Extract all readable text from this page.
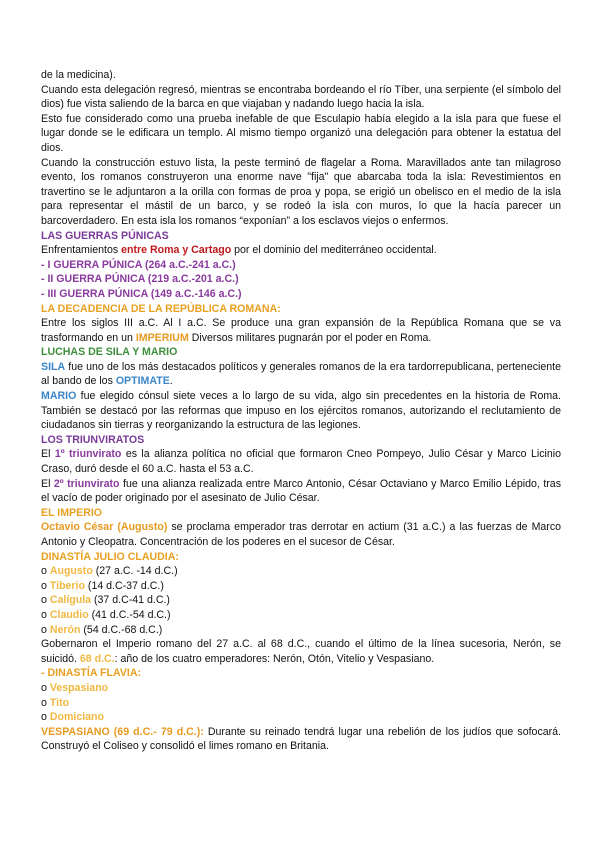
de la medicina).

Cuando esta delegación regresó, mientras se encontraba bordeando el río Tíber, una serpiente (el símbolo del dios) fue vista saliendo de la barca en que viajaban y nadando luego hacia la isla.

Esto fue considerado como una prueba inefable de que Esculapio había elegido a la isla para que fuese el lugar donde se le edificara un templo. Al mismo tiempo organizó una delegación para obtener la estatua del dios.

Cuando la construcción estuvo lista, la peste terminó de flagelar a Roma. Maravillados ante tan milagroso evento, los romanos construyeron una enorme nave "fija" que abarcaba toda la isla: Revestimientos en travertino se le adjuntaron a la orilla con formas de proa y popa, se erigió un obelisco en el medio de la isla para representar el mástil de un barco, y se rodeó la isla con muros, lo que la hacía parecer un barcoverdadero. En esta isla los romanos “exponían” a los esclavos viejos o enfermos.

LAS GUERRAS PÚNICAS

Enfrentamientos entre Roma y Cartago por el dominio del mediterráneo occidental.

- I GUERRA PÚNICA (264 a.C.-241 a.C.)

- II GUERRA PÚNICA (219 a.C.-201 a.C.)

- III GUERRA PÚNICA (149 a.C.-146 a.C.)

LA DECADENCIA DE LA REPÚBLICA ROMANA:

Entre los siglos III a.C. Al I a.C. Se produce una gran expansión de la República Romana que se va trasformando en un IMPERIUM Diversos militares pugnarán por el poder en Roma.

LUCHAS DE SILA Y MARIO

SILA fue uno de los más destacados políticos y generales romanos de la era tardorrepublicana, perteneciente al bando de los OPTIMATE.

MARIO fue elegido cónsul siete veces a lo largo de su vida, algo sin precedentes en la historia de Roma. También se destacó por las reformas que impuso en los ejércitos romanos, autorizando el reclutamiento de ciudadanos sin tierras y reorganizando la estructura de las legiones.

LOS TRIUNVIRATOS

El 1º triunvirato es la alianza política no oficial que formaron Cneo Pompeyo, Julio César y Marco Licinio Craso, duró desde el 60 a.C. hasta el 53 a.C.

El 2º triunvirato fue una alianza realizada entre Marco Antonio, César Octaviano y Marco Emilio Lépido, tras el vacío de poder originado por el asesinato de Julio César.

EL IMPERIO

Octavio César (Augusto) se proclama emperador tras derrotar en actium (31 a.C.) a las fuerzas de Marco Antonio y Cleopatra. Concentración de los poderes en el sucesor de César.

DINASTÍA JULIO CLAUDIA:

o Augusto (27 a.C. -14 d.C.)

o Tiberio (14 d.C-37 d.C.)

o Calígula (37 d.C-41 d.C.)

o Claudio (41 d.C.-54 d.C.)

o Nerón (54 d.C.-68 d.C.)

Gobernaron el Imperio romano del 27 a.C. al 68 d.C., cuando el último de la línea sucesoria, Nerón, se suicidó. 68 d.C.: año de los cuatro emperadores: Nerón, Otón, Vitelio y Vespasiano.

- DINASTÍA FLAVIA:

o Vespasiano

o Tito

o Domiciano

VESPASIANO (69 d.C.- 79 d.C.): Durante su reinado tendrá lugar una rebelión de los judíos que sofocará. Construyó el Coliseo y consolidó el limes romano en Britania.
